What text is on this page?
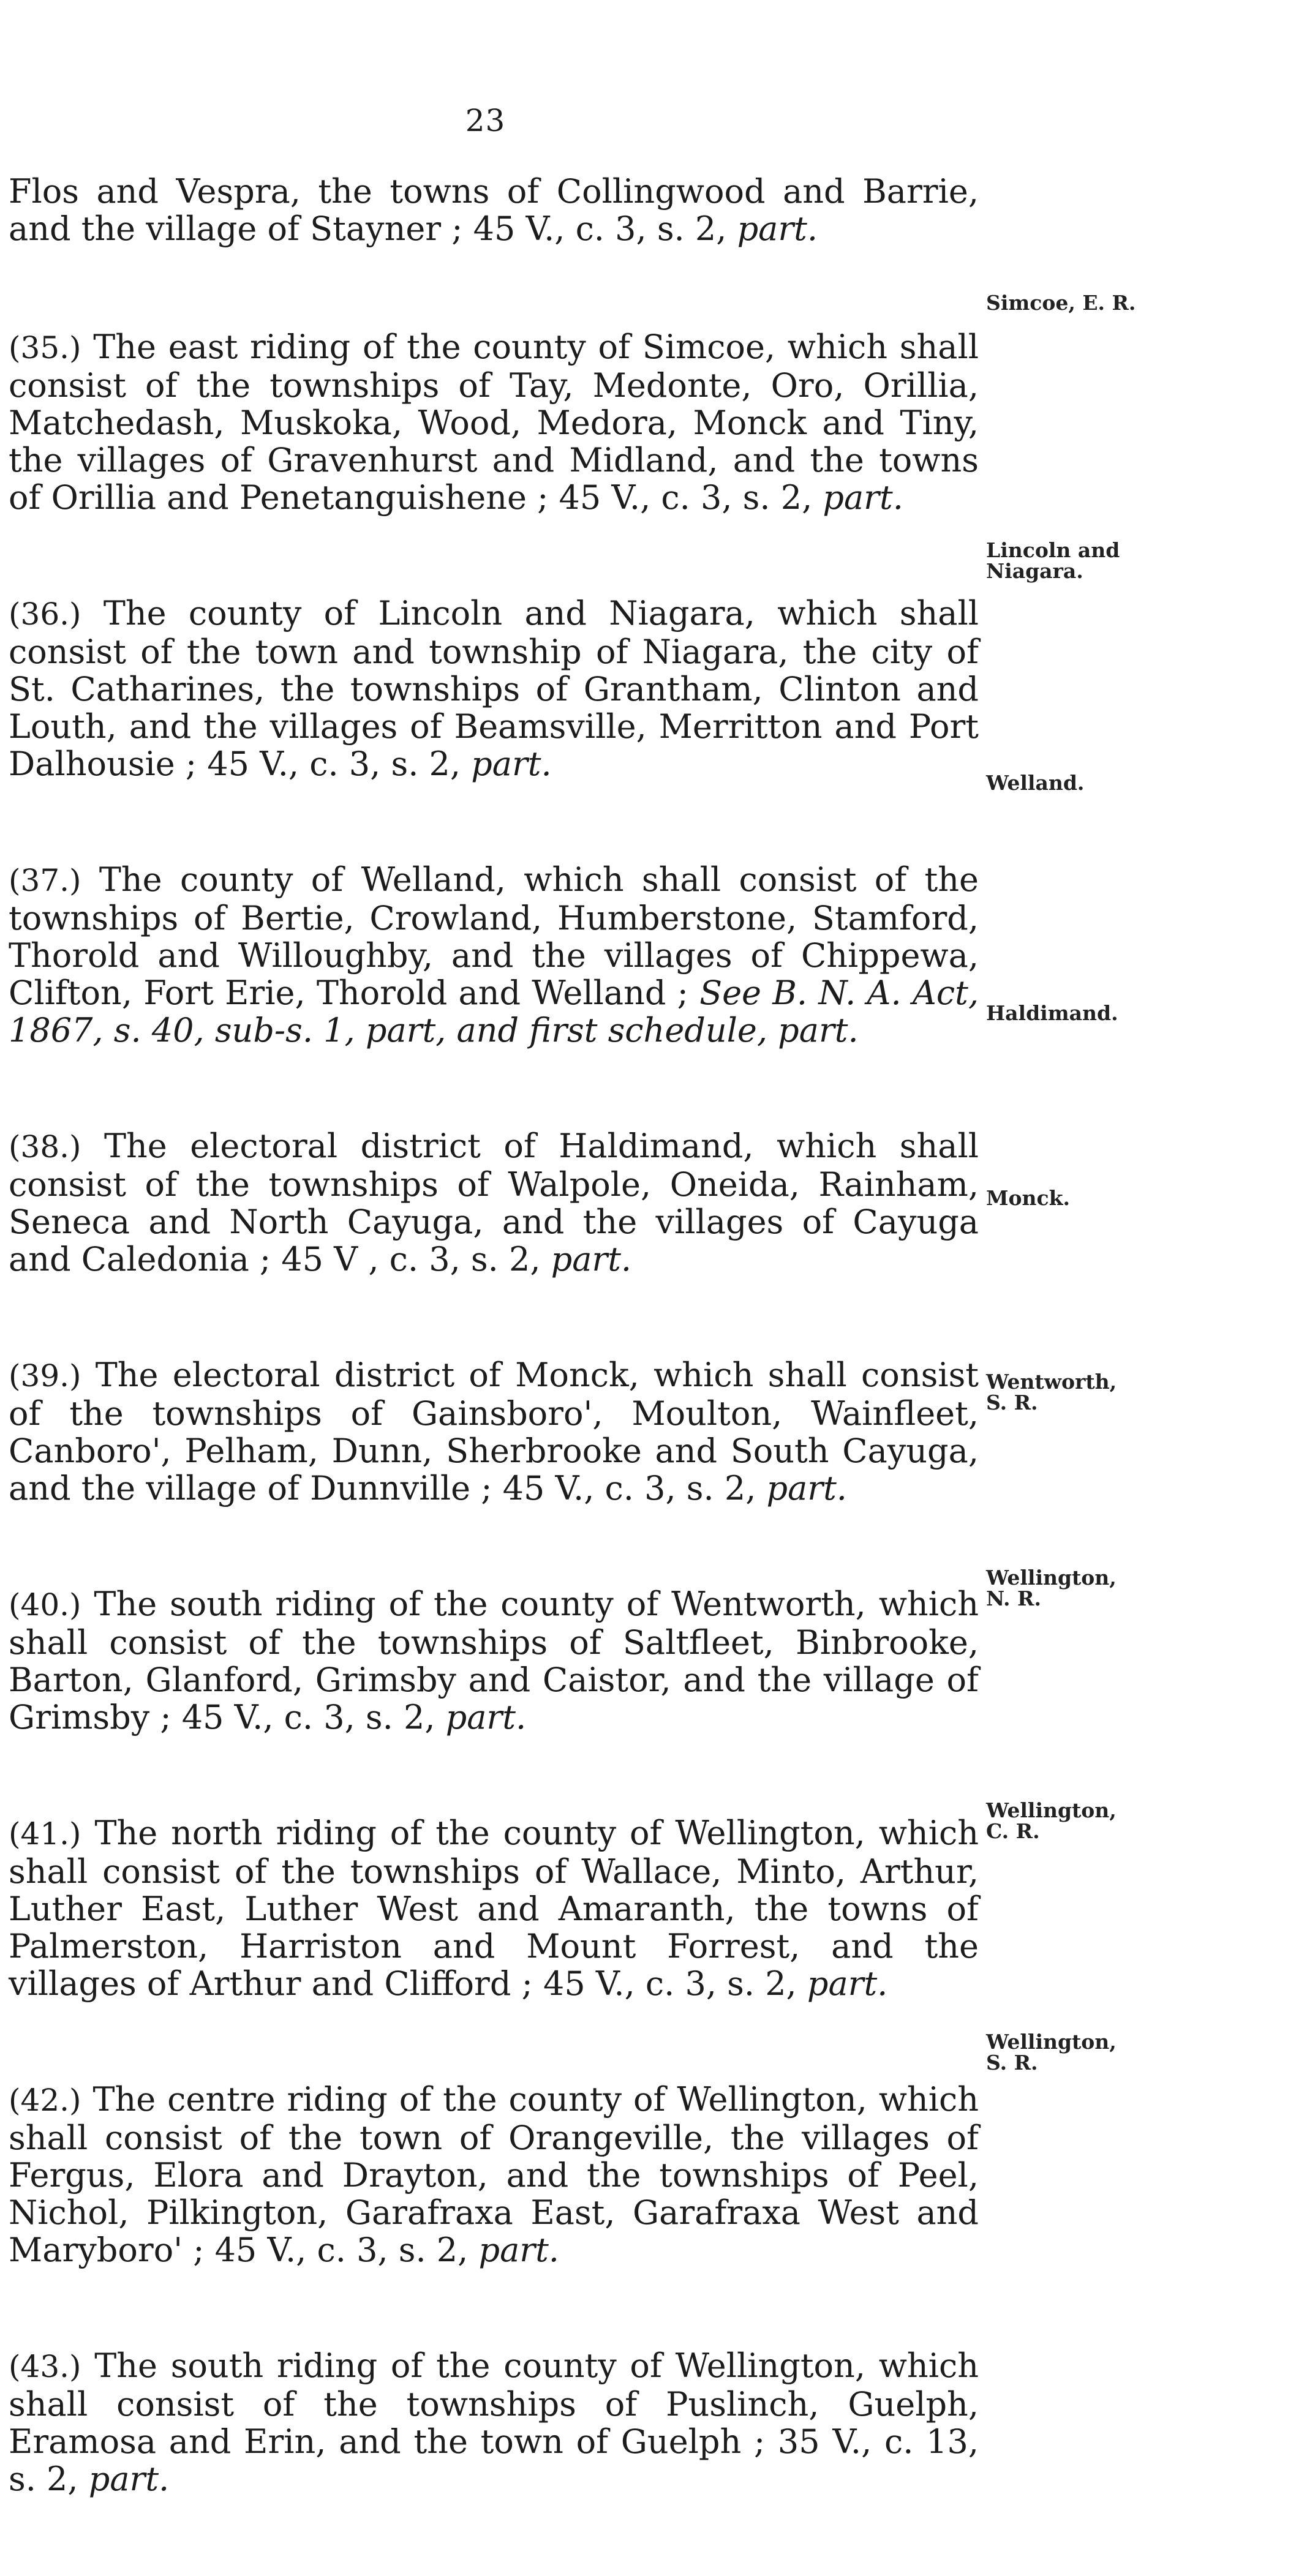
23

Flos and Vespra, the towns of Collingwood and Barrie, and the village of Stayner ; 45 V., c. 3, s. 2, part.

(35.) The east riding of the county of Simcoe, which shall consist of the townships of Tay, Medonte, Oro, Orillia, Matchedash, Muskoka, Wood, Medora, Monck and Tiny, the villages of Gravenhurst and Midland, and the towns of Orillia and Penetanguishene ; 45 V., c. 3, s. 2, part.

(36.) The county of Lincoln and Niagara, which shall consist of the town and township of Niagara, the city of St. Catharines, the townships of Grantham, Clinton and Louth, and the villages of Beamsville, Merritton and Port Dalhousie ; 45 V., c. 3, s. 2, part.

(37.) The county of Welland, which shall consist of the townships of Bertie, Crowland, Humberstone, Stamford, Thorold and Willoughby, and the villages of Chippewa, Clifton, Fort Erie, Thorold and Welland ; See B. N. A. Act, 1867, s. 40, sub-s. 1, part, and first schedule, part.

(38.) The electoral district of Haldimand, which shall consist of the townships of Walpole, Oneida, Rainham, Seneca and North Cayuga, and the villages of Cayuga and Caledonia ; 45 V , c. 3, s. 2, part.

(39.) The electoral district of Monck, which shall consist of the townships of Gainsboro', Moulton, Wainfleet, Canboro', Pelham, Dunn, Sherbrooke and South Cayuga, and the village of Dunnville ; 45 V., c. 3, s. 2, part.

(40.) The south riding of the county of Wentworth, which shall consist of the townships of Saltfleet, Binbrooke, Barton, Glanford, Grimsby and Caistor, and the village of Grimsby ; 45 V., c. 3, s. 2, part.

(41.) The north riding of the county of Wellington, which shall consist of the townships of Wallace, Minto, Arthur, Luther East, Luther West and Amaranth, the towns of Palmerston, Harriston and Mount Forrest, and the villages of Arthur and Clifford ; 45 V., c. 3, s. 2, part.

(42.) The centre riding of the county of Wellington, which shall consist of the town of Orangeville, the villages of Fergus, Elora and Drayton, and the townships of Peel, Nichol, Pilkington, Garafraxa East, Garafraxa West and Maryboro' ; 45 V., c. 3, s. 2, part.

(43.) The south riding of the county of Wellington, which shall consist of the townships of Puslinch, Guelph, Eramosa and Erin, and the town of Guelph ; 35 V., c. 13, s. 2, part.

Simcoe, E. R.
Lincoln and
Niagara.
Welland.
Haldimand.
Monck.
Wentworth,
S. R.
Wellington,
N. R.
Wellington,
C. R.
Wellington,
S. R.
